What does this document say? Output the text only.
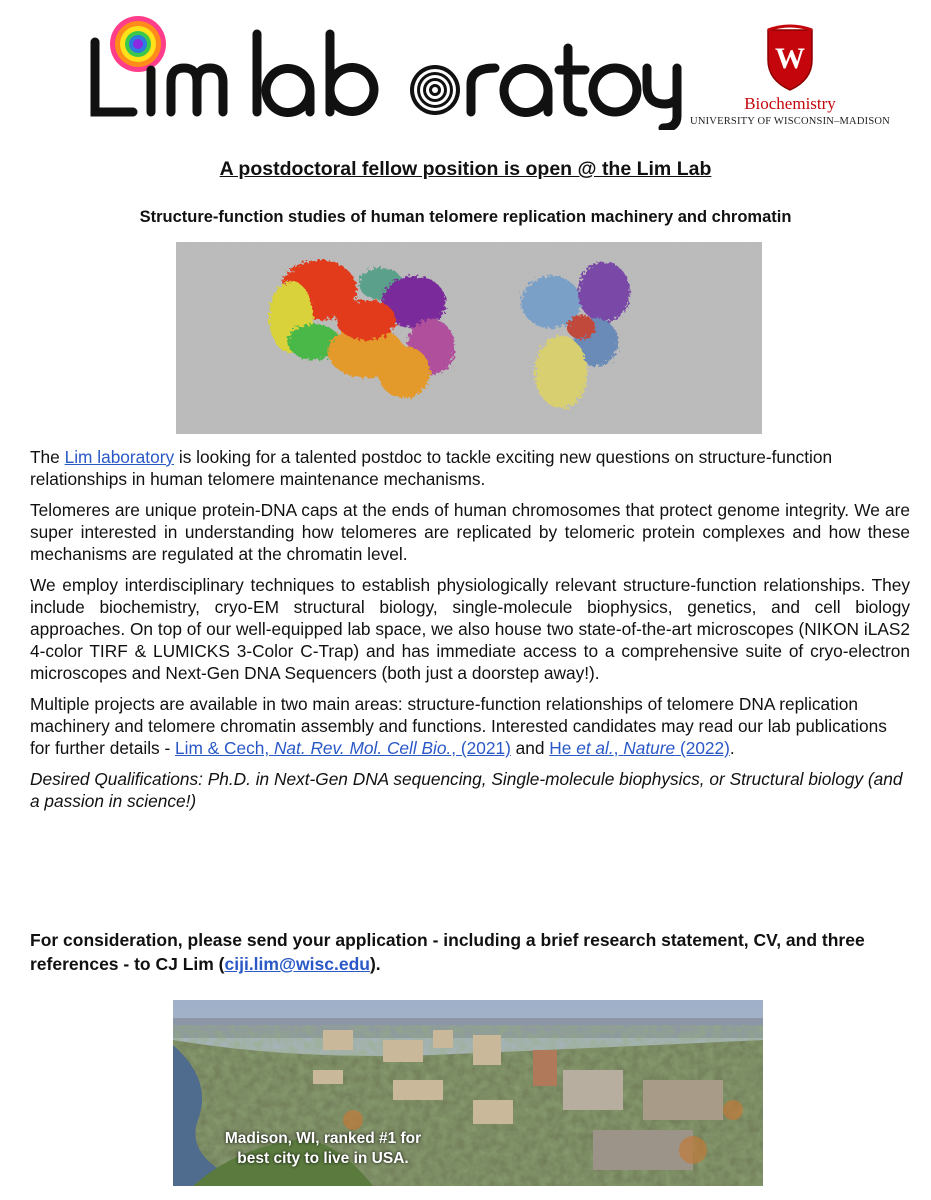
W
Biochemistry
UNIVERSITY OF WISCONSIN–MADISON
A postdoctoral fellow position is open @ the Lim Lab
Structure-function studies of human telomere replication machinery and chromatin

The Lim laboratory is looking for a talented postdoc to tackle exciting new questions on structure-function relationships in human telomere maintenance mechanisms.

Telomeres are unique protein-DNA caps at the ends of human chromosomes that protect genome integrity. We are super interested in understanding how telomeres are replicated by telomeric protein complexes and how these mechanisms are regulated at the chromatin level.

We employ interdisciplinary techniques to establish physiologically relevant structure-function relationships. They include biochemistry, cryo-EM structural biology, single-molecule biophysics, genetics, and cell biology approaches. On top of our well-equipped lab space, we also house two state-of-the-art microscopes (NIKON iLAS2 4-color TIRF & LUMICKS 3-Color C-Trap) and has immediate access to a comprehensive suite of cryo-electron microscopes and Next-Gen DNA Sequencers (both just a doorstep away!).

Multiple projects are available in two main areas: structure-function relationships of telomere DNA replication machinery and telomere chromatin assembly and functions. Interested candidates may read our lab publications for further details - Lim & Cech, Nat. Rev. Mol. Cell Bio., (2021) and He et al., Nature (2022).

Desired Qualifications: Ph.D. in Next-Gen DNA sequencing, Single-molecule biophysics, or Structural biology (and a passion in science!)

For consideration, please send your application - including a brief research statement, CV, and three references - to CJ Lim (ciji.lim@wisc.edu).
Madison, WI, ranked #1 for
best city to live in USA.
